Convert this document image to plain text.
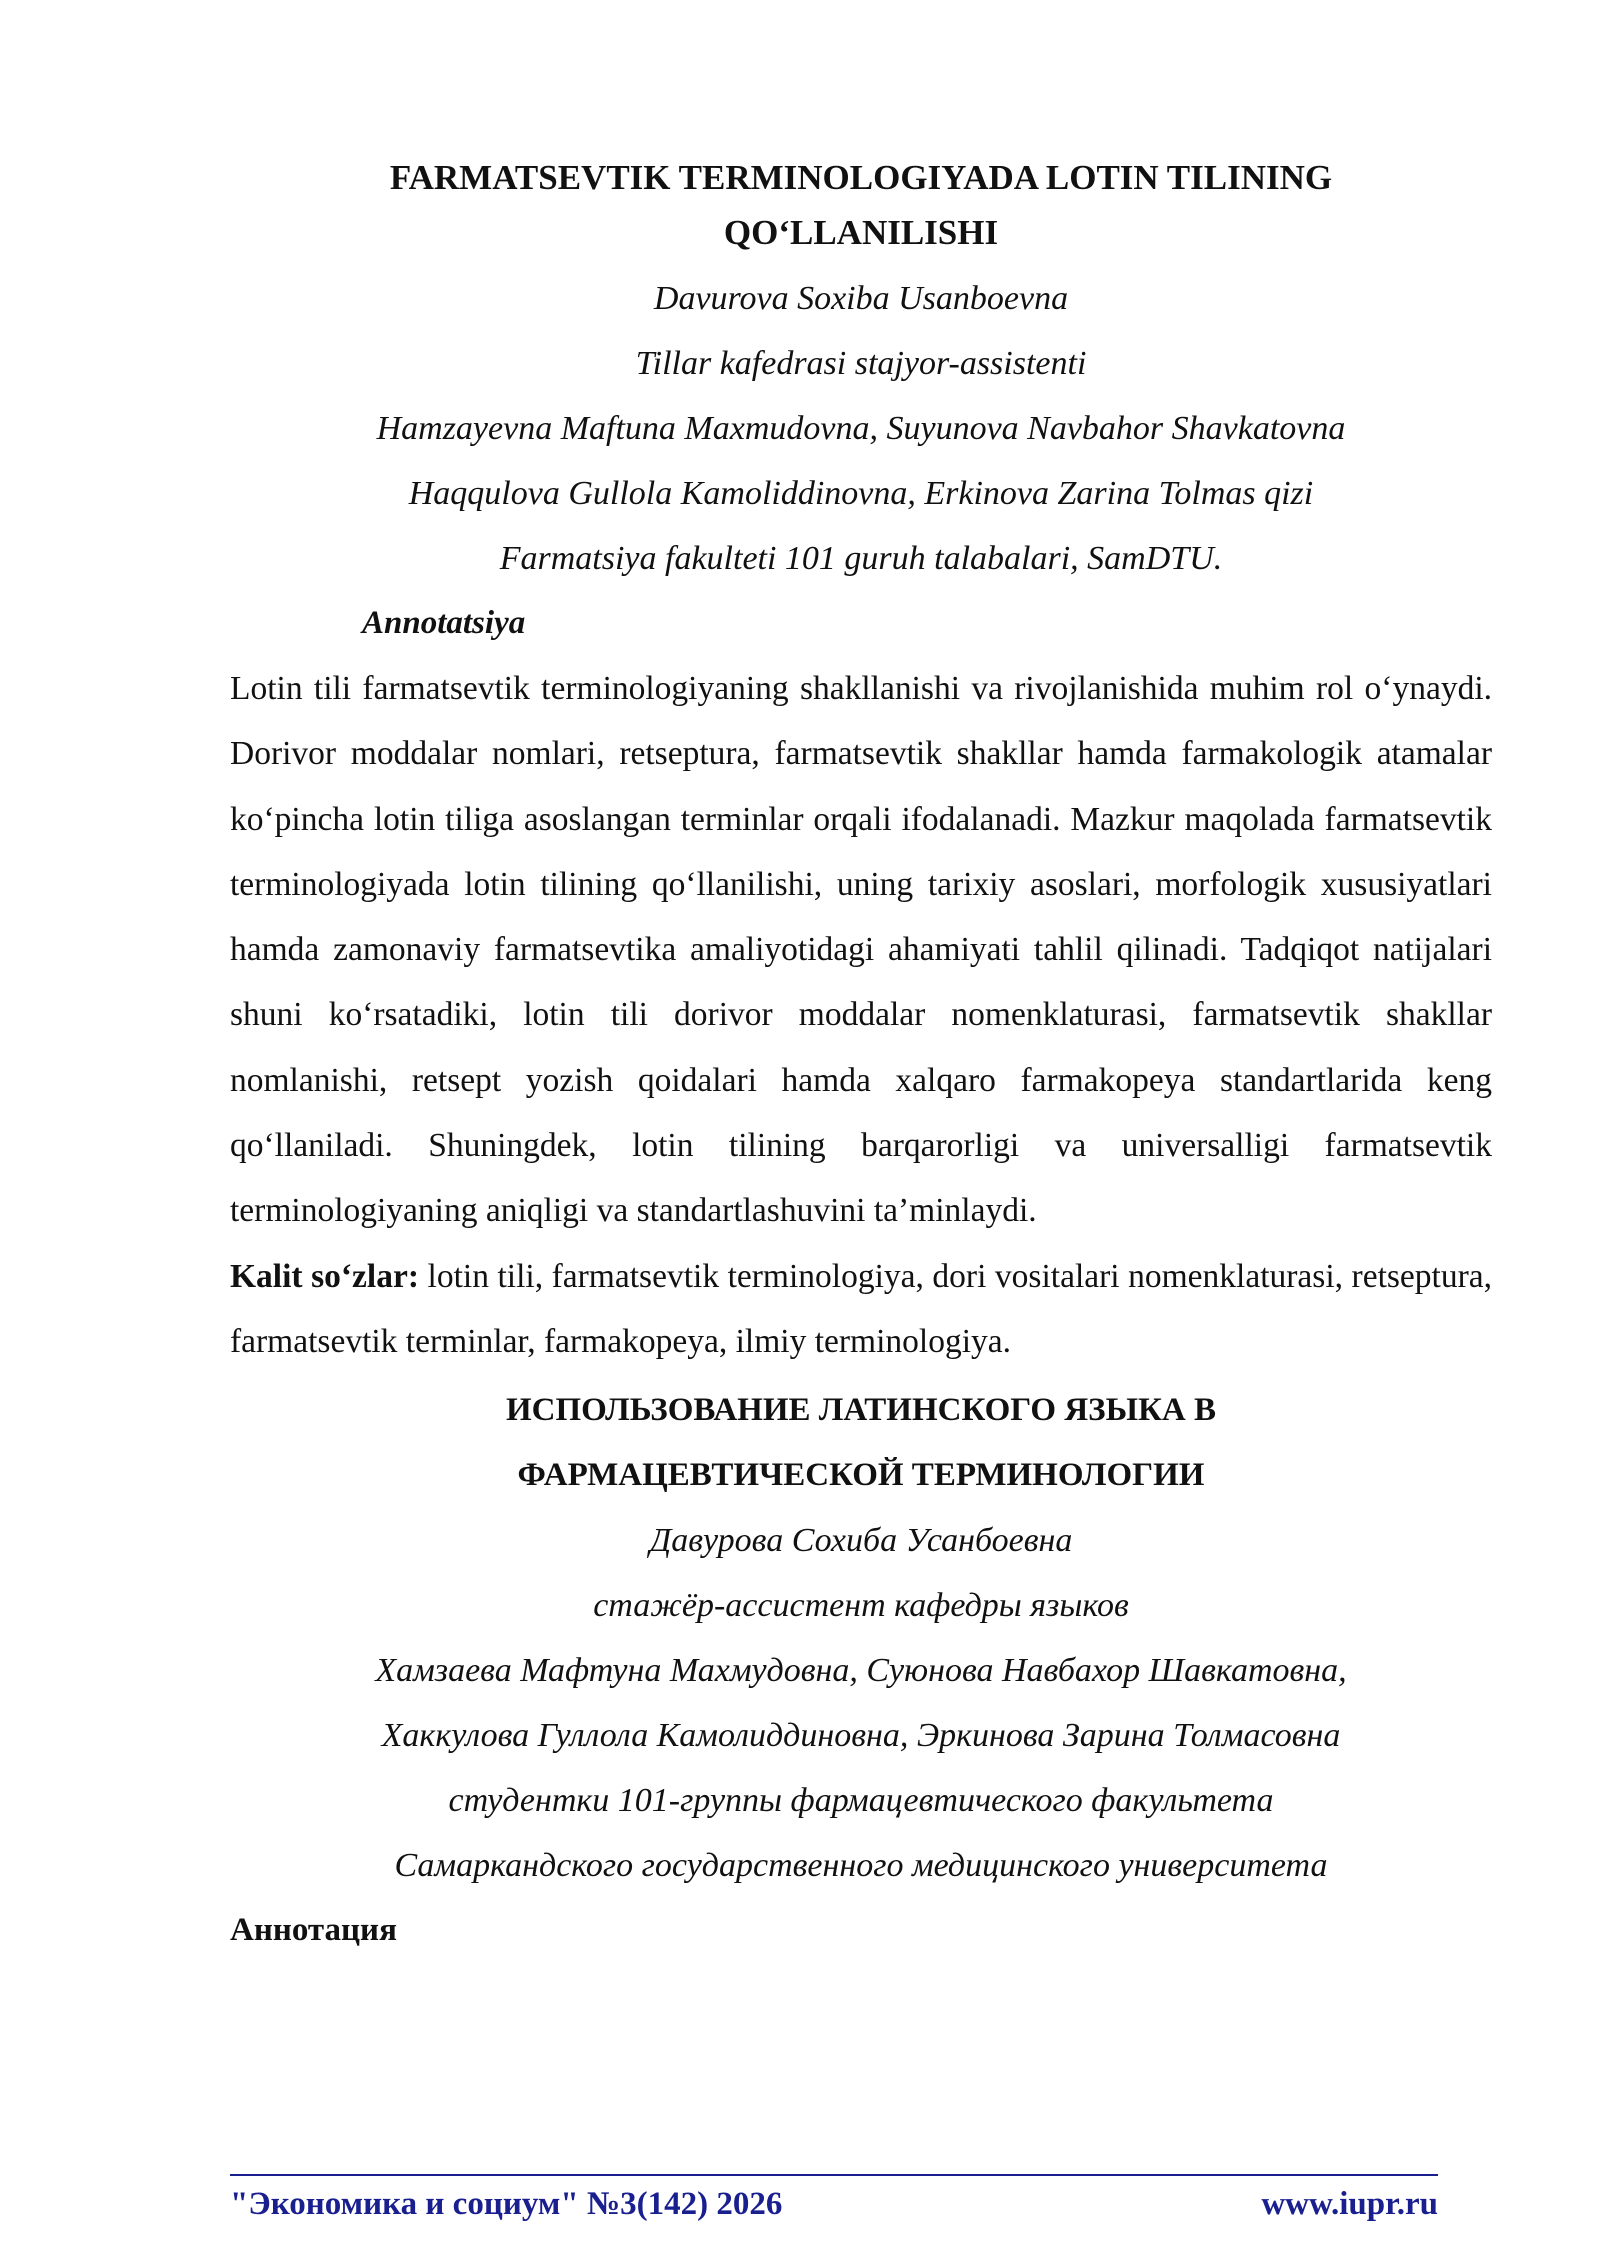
FARMATSEVTIK TERMINOLOGIYADA LOTIN TILINING

QO‘LLANILISHI

Davurova Soxiba Usanboevna

Tillar kafedrasi stajyor-assistenti

Hamzayevna Maftuna Maxmudovna, Suyunova Navbahor Shavkatovna

Haqqulova Gullola Kamoliddinovna, Erkinova Zarina Tolmas qizi

Farmatsiya fakulteti 101 guruh talabalari, SamDTU.

Annotatsiya

Lotin tili farmatsevtik terminologiyaning shakllanishi va rivojlanishida muhim rol o‘ynaydi. Dorivor moddalar nomlari, retseptura, farmatsevtik shakllar hamda farmakologik atamalar ko‘pincha lotin tiliga asoslangan terminlar orqali ifodalanadi. Mazkur maqolada farmatsevtik terminologiyada lotin tilining qo‘llanilishi, uning tarixiy asoslari, morfologik xususiyatlari hamda zamonaviy farmatsevtika amaliyotidagi ahamiyati tahlil qilinadi. Tadqiqot natijalari shuni ko‘rsatadiki, lotin tili dorivor moddalar nomenklaturasi, farmatsevtik shakllar nomlanishi, retsept yozish qoidalari hamda xalqaro farmakopeya standartlarida keng qo‘llaniladi. Shuningdek, lotin tilining barqarorligi va universalligi farmatsevtik terminologiyaning aniqligi va standartlashuvini ta’minlaydi.

Kalit so‘zlar: lotin tili, farmatsevtik terminologiya, dori vositalari nomenklaturasi, retseptura, farmatsevtik terminlar, farmakopeya, ilmiy terminologiya.

ИСПОЛЬЗОВАНИЕ ЛАТИНСКОГО ЯЗЫКА В

ФАРМАЦЕВТИЧЕСКОЙ ТЕРМИНОЛОГИИ

Давурова Сохиба Усанбоевна

стажёр-ассистент кафедры языков

Хамзаева Мафтуна Махмудовна, Суюнова Навбахор Шавкатовна,

Хаккулова Гуллола Камолиддиновна, Эркинова Зарина Толмасовна

студентки 101-группы фармацевтического факультета

Самаркандского государственного медицинского университета

Аннотация

"Экономика и социум" №3(142) 2026	www.iupr.ru
